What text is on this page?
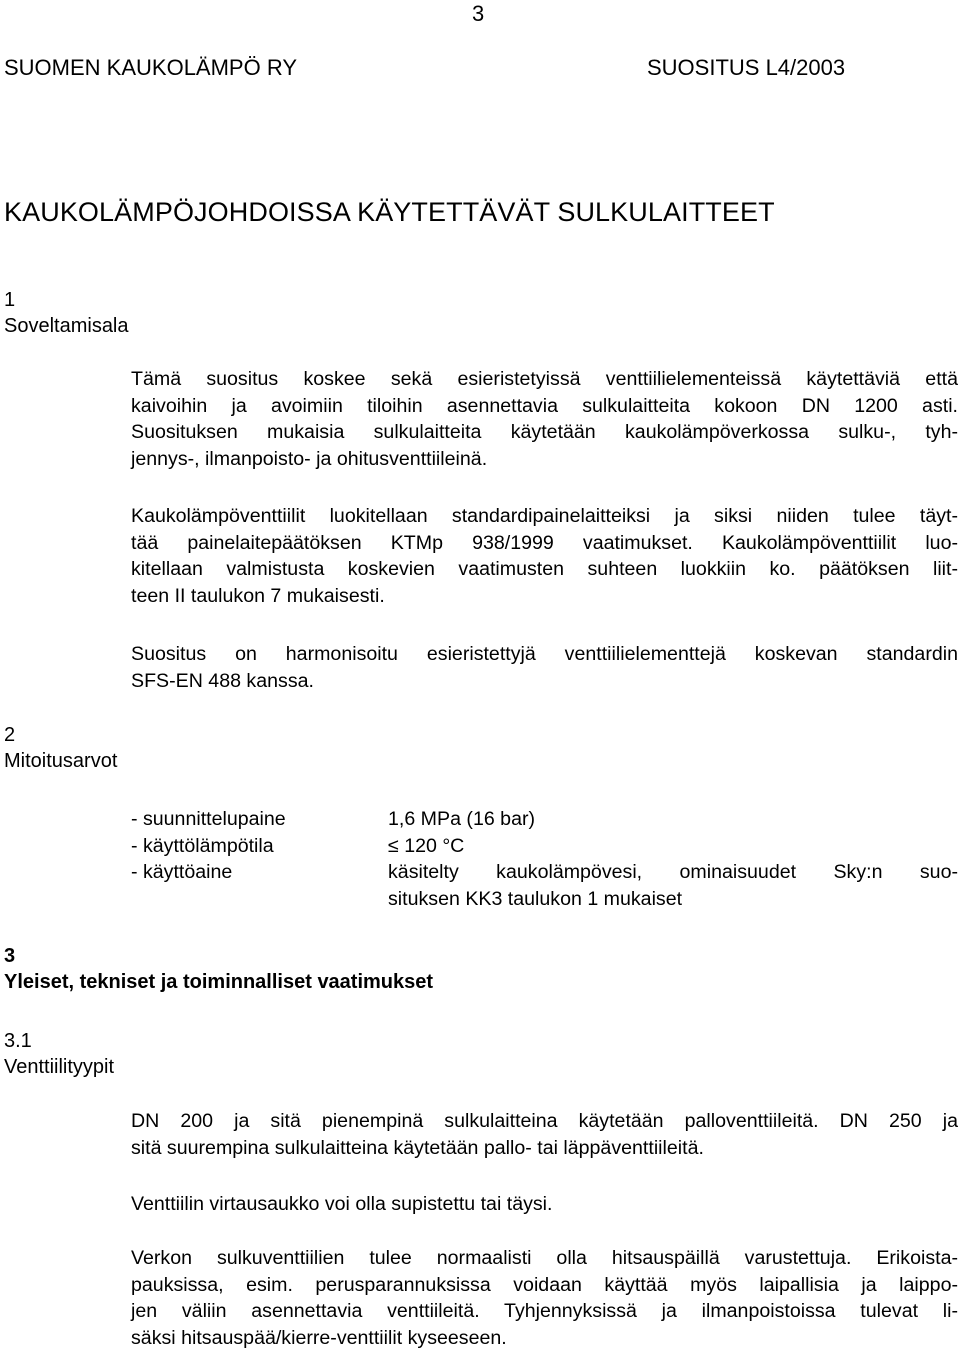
3
SUOMEN KAUKOLÄMPÖ RY	SUOSITUS L4/2003
KAUKOLÄMPÖJOHDOISSA KÄYTETTÄVÄT SULKULAITTEET
1
Soveltamisala
Tämä suositus koskee sekä esieristetyissä venttiilielementeissä käytettäviä että
kaivoihin ja avoimiin tiloihin asennettavia sulkulaitteita kokoon DN 1200 asti.
Suosituksen mukaisia sulkulaitteita käytetään kaukolämpöverkossa sulku-, tyh-
jennys-, ilmanpoisto- ja ohitusventtiileinä.
Kaukolämpöventtiilit luokitellaan standardipainelaitteiksi ja siksi niiden tulee täyt-
tää painelaitepäätöksen KTMp 938/1999 vaatimukset. Kaukolämpöventtiilit luo-
kitellaan valmistusta koskevien vaatimusten suhteen luokkiin ko. päätöksen liit-
teen II taulukon 7 mukaisesti.
Suositus on harmonisoitu esieristettyjä venttiilielementtejä koskevan standardin
SFS-EN 488 kanssa.
2
Mitoitusarvot
- suunnittelupaine	1,6 MPa (16 bar)
- käyttölämpötila	≤ 120 °C
- käyttöaine	käsitelty kaukolämpövesi, ominaisuudet Sky:n suo-
situksen KK3 taulukon 1 mukaiset
3
Yleiset, tekniset ja toiminnalliset vaatimukset
3.1
Venttiilityypit
DN 200 ja sitä pienempinä sulkulaitteina käytetään palloventtiileitä. DN 250 ja
sitä suurempina sulkulaitteina käytetään pallo- tai läppäventtiileitä.
Venttiilin virtausaukko voi olla supistettu tai täysi.
Verkon sulkuventtiilien tulee normaalisti olla hitsauspäillä varustettuja. Erikoista-
pauksissa, esim. perusparannuksissa voidaan käyttää myös laipallisia ja laippo-
jen väliin asennettavia venttiileitä. Tyhjennyksissä ja ilmanpoistoissa tulevat li-
säksi hitsauspää/kierre-venttiilit kyseeseen.
